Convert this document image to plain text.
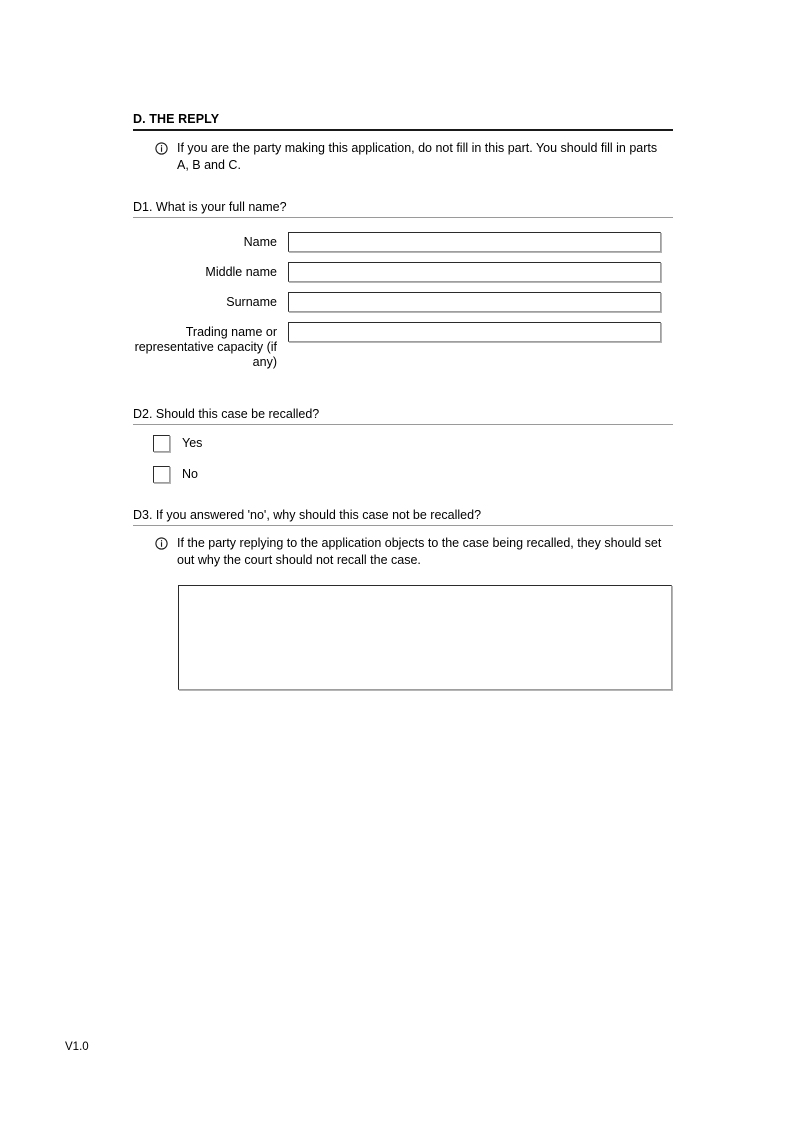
D. THE REPLY
If you are the party making this application, do not fill in this part. You should fill in parts A, B and C.
D1. What is your full name?
Name
Middle name
Surname
Trading name or representative capacity (if any)
D2. Should this case be recalled?
Yes
No
D3. If you answered 'no', why should this case not be recalled?
If the party replying to the application objects to the case being recalled, they should set out why the court should not recall the case.
V1.0
